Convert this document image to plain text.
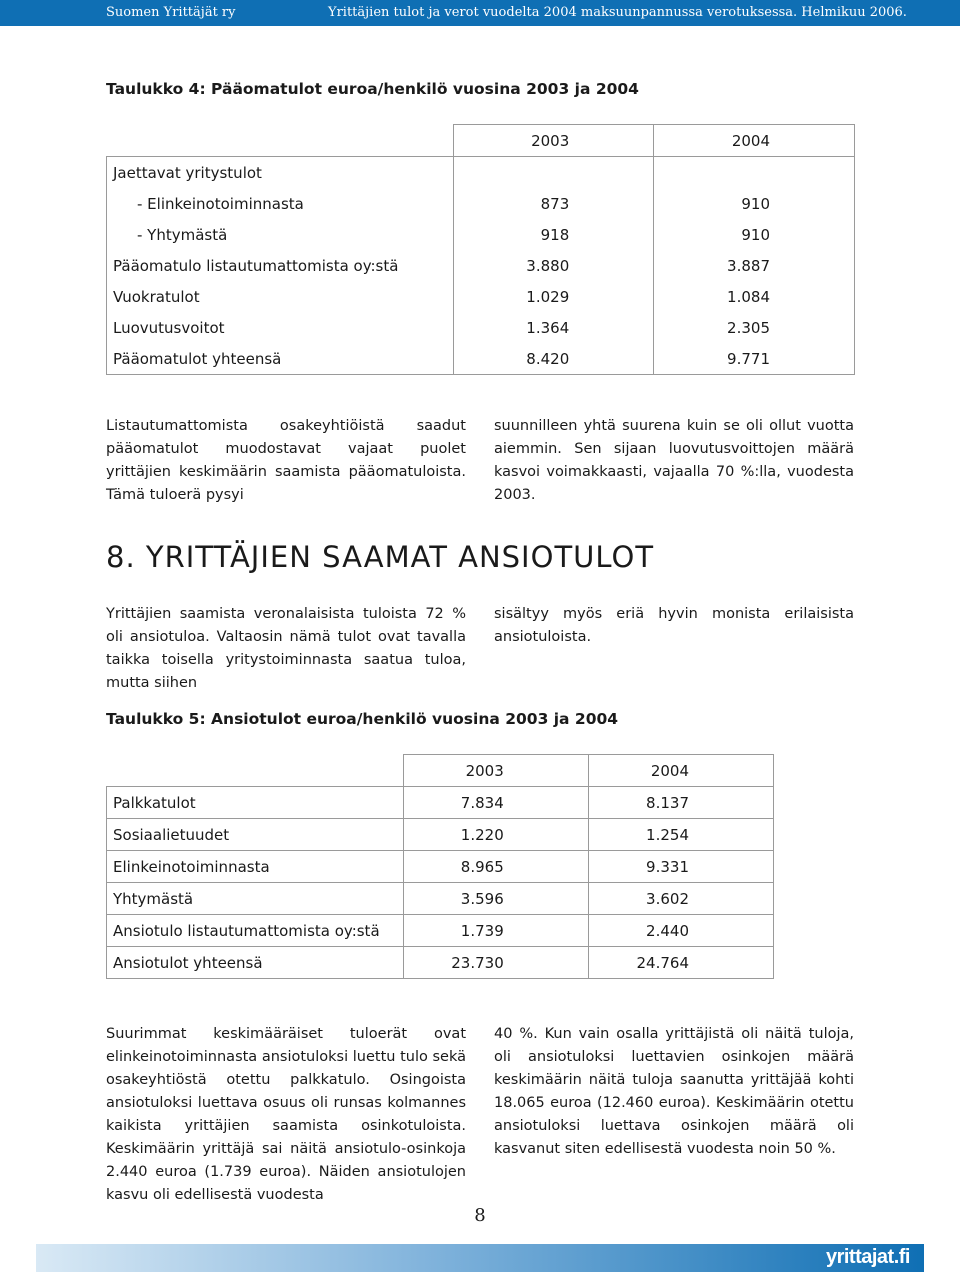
Suomen Yrittäjät ry	Yrittäjien tulot ja verot vuodelta 2004 maksuunpannussa verotuksessa. Helmikuu 2006.
Taulukko 4: Pääomatulot euroa/henkilö vuosina 2003 ja 2004
	2003	2004
Jaettavat yritystulot		
- Elinkeinotoiminnasta	873	910
- Yhtymästä	918	910
Pääomatulo listautumattomista oy:stä	3.880	3.887
Vuokratulot	1.029	1.084
Luovutusvoitot	1.364	2.305
Pääomatulot yhteensä	8.420	9.771
Listautumattomista osakeyhtiöistä saadut pääomatulot muodostavat vajaat puolet yrittäjien keskimäärin saamista pääomatuloista. Tämä tuloerä pysyi
suunnilleen yhtä suurena kuin se oli ollut vuotta aiemmin. Sen sijaan luovutusvoittojen määrä kasvoi voimakkaasti, vajaalla 70 %:lla, vuodesta 2003.
8. YRITTÄJIEN SAAMAT ANSIOTULOT
Yrittäjien saamista veronalaisista tuloista 72 % oli ansiotuloa. Valtaosin nämä tulot ovat tavalla taikka toisella yritystoiminnasta saatua tuloa, mutta siihen
sisältyy myös eriä hyvin monista erilaisista ansiotuloista.
Taulukko 5: Ansiotulot euroa/henkilö vuosina 2003 ja 2004
	2003	2004
Palkkatulot	7.834	8.137
Sosiaalietuudet	1.220	1.254
Elinkeinotoiminnasta	8.965	9.331
Yhtymästä	3.596	3.602
Ansiotulo listautumattomista oy:stä	1.739	2.440
Ansiotulot yhteensä	23.730	24.764
Suurimmat keskimääräiset tuloerät ovat elinkeinotoiminnasta ansiotuloksi luettu tulo sekä osakeyhtiöstä otettu palkkatulo. Osingoista ansiotuloksi luettava osuus oli runsas kolmannes kaikista yrittäjien saamista osinkotuloista. Keskimäärin yrittäjä sai näitä ansiotulo-osinkoja 2.440 euroa (1.739 euroa). Näiden ansiotulojen kasvu oli edellisestä vuodesta
40 %. Kun vain osalla yrittäjistä oli näitä tuloja, oli ansiotuloksi luettavien osinkojen määrä keskimäärin näitä tuloja saanutta yrittäjää kohti 18.065 euroa (12.460 euroa). Keskimäärin otettu ansiotuloksi luettava osinkojen määrä oli kasvanut siten edellisestä vuodesta noin 50 %.
8
yrittajat.fi
